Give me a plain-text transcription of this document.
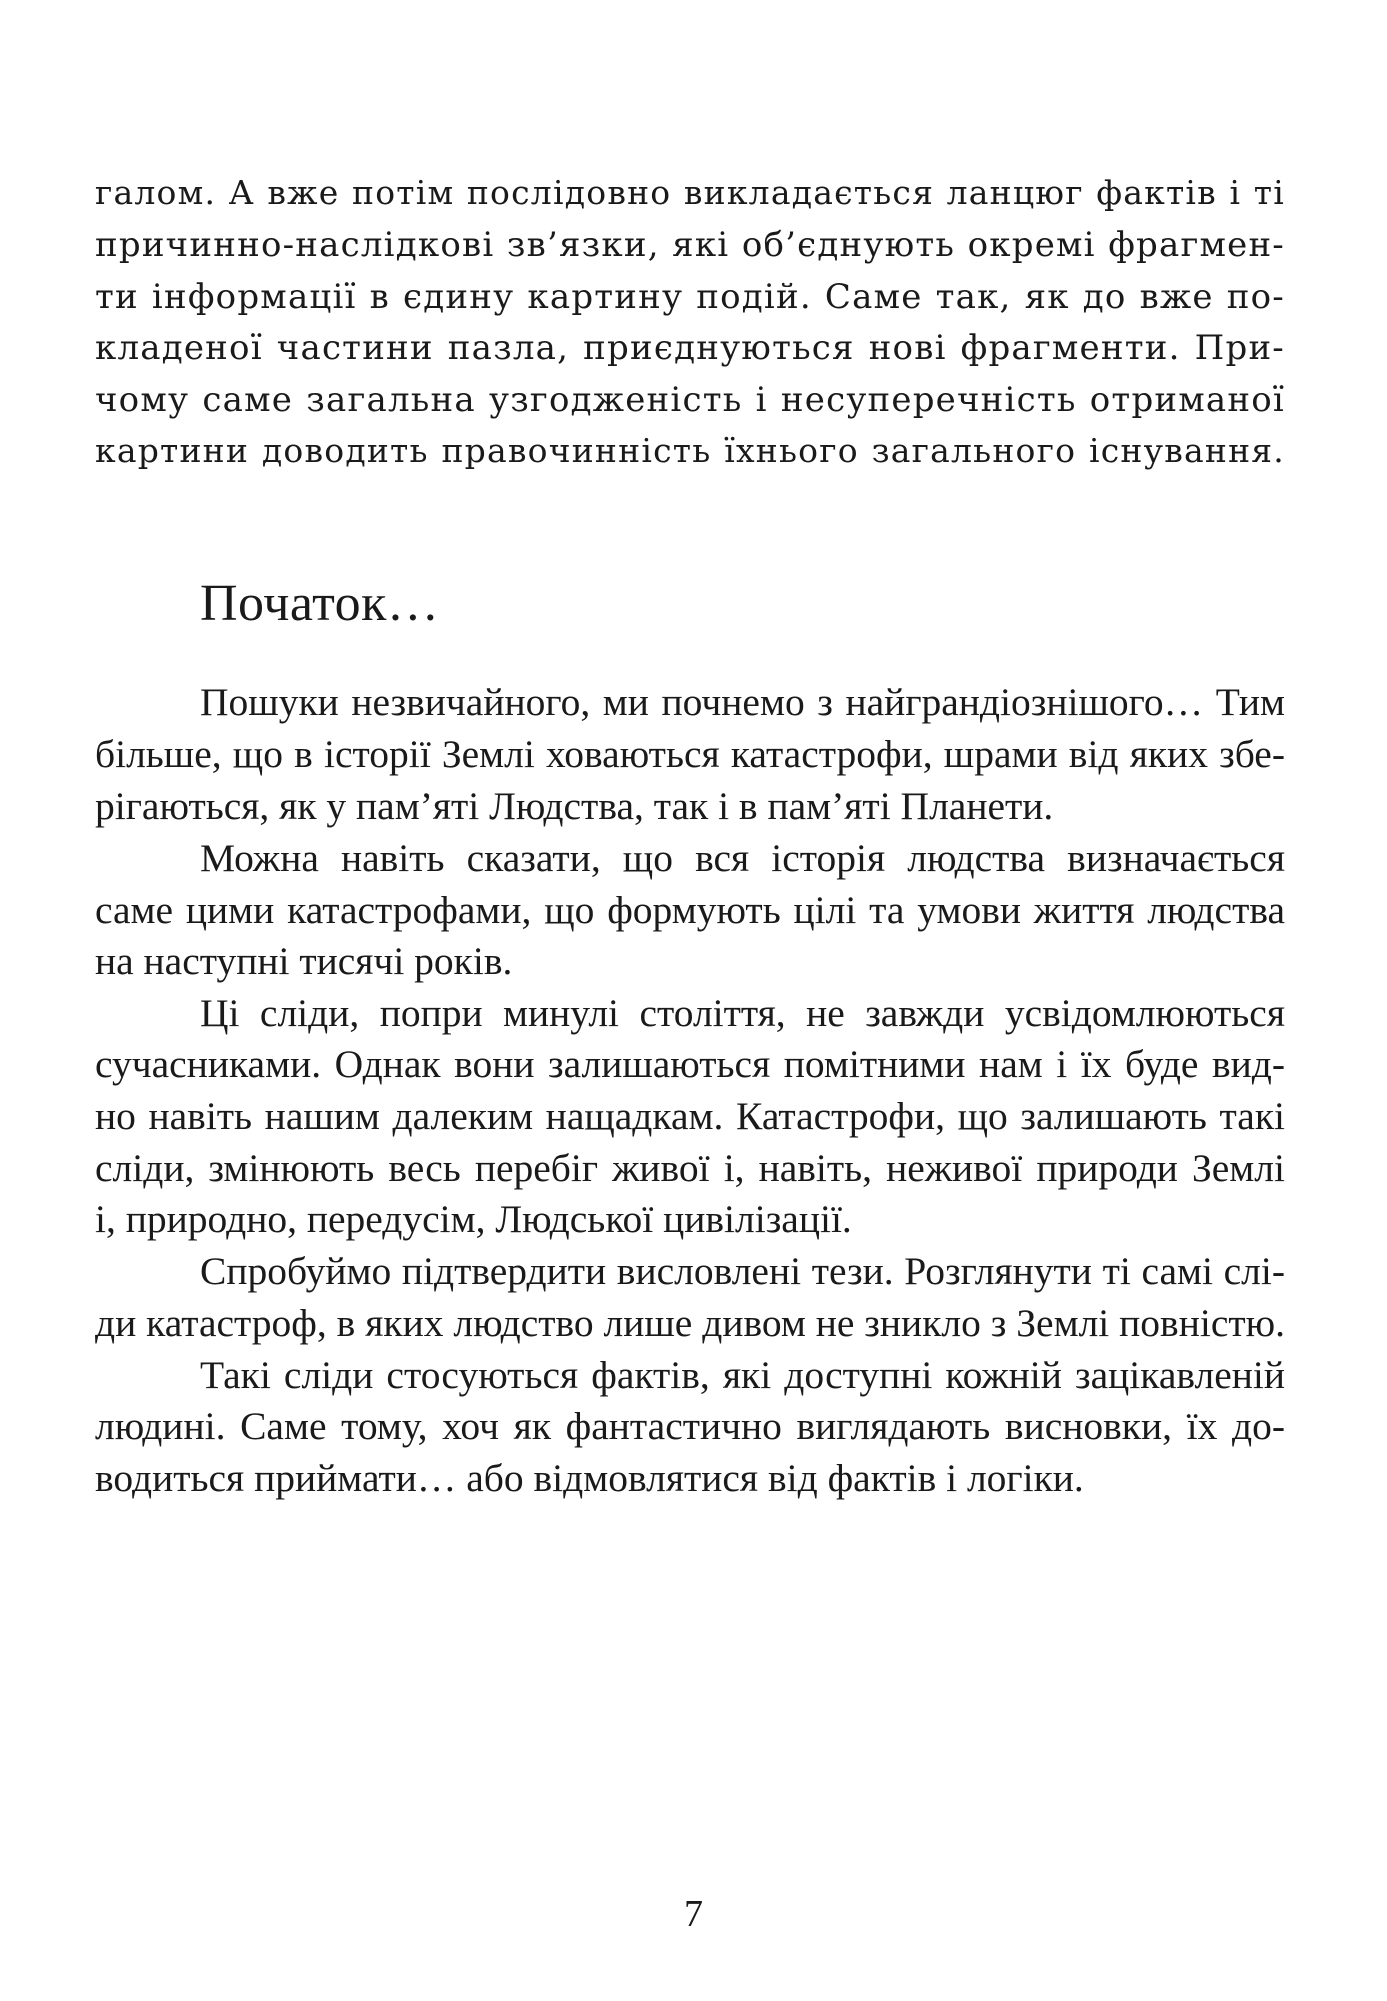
галом. А вже потім послідовно викладається ланцюг фактів і ті
причинно-наслідкові зв’язки, які об’єднують окремі фрагмен-
ти інформації в єдину картину подій. Саме так, як до вже по-
кладеної частини пазла, приєднуються нові фрагменти. При-
чому саме загальна узгодженість і несуперечність отриманої
картини доводить правочинність їхнього загального існування.
Початок…
Пошуки незвичайного, ми почнемо з найграндіознішого… Тим
більше, що в історії Землі ховаються катастрофи, шрами від яких збе-
рігаються, як у пам’яті Людства, так і в пам’яті Планети.
Можна навіть сказати, що вся історія людства визначається
саме цими катастрофами, що формують цілі та умови життя людства
на наступні тисячі років.
Ці сліди, попри минулі століття, не завжди усвідомлюються
сучасниками. Однак вони залишаються помітними нам і їх буде вид-
но навіть нашим далеким нащадкам. Катастрофи, що залишають такі
сліди, змінюють весь перебіг живої і, навіть, неживої природи Землі
і, природно, передусім, Людської цивілізації.
Спробуймо підтвердити висловлені тези. Розглянути ті самі слі-
ди катастроф, в яких людство лише дивом не зникло з Землі повністю.
Такі сліди стосуються фактів, які доступні кожній зацікавленій
людині. Саме тому, хоч як фантастично виглядають висновки, їх до-
водиться приймати… або відмовлятися від фактів і логіки.
7
